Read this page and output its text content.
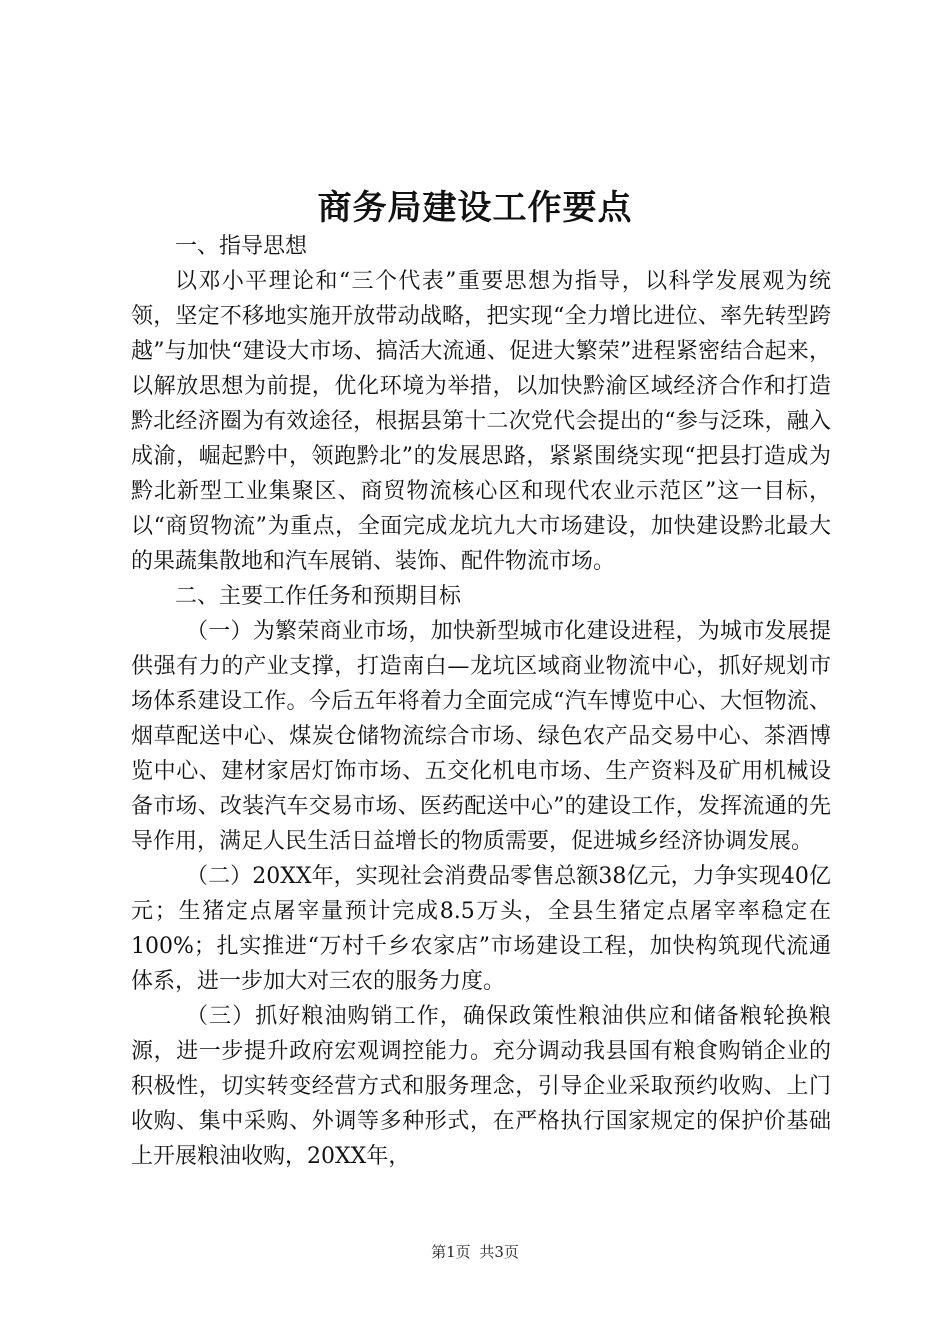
商务局建设工作要点

一、指导思想

以邓小平理论和“三个代表”重要思想为指导，以科学发展观为统领，坚定不移地实施开放带动战略，把实现“全力增比进位、率先转型跨越”与加快“建设大市场、搞活大流通、促进大繁荣”进程紧密结合起来，以解放思想为前提，优化环境为举措，以加快黔渝区域经济合作和打造黔北经济圈为有效途径，根据县第十二次党代会提出的“参与泛珠，融入成渝，崛起黔中，领跑黔北”的发展思路，紧紧围绕实现“把县打造成为黔北新型工业集聚区、商贸物流核心区和现代农业示范区”这一目标，以“商贸物流”为重点，全面完成龙坑九大市场建设，加快建设黔北最大的果蔬集散地和汽车展销、装饰、配件物流市场。

二、主要工作任务和预期目标

（一）为繁荣商业市场，加快新型城市化建设进程，为城市发展提供强有力的产业支撑，打造南白—龙坑区域商业物流中心，抓好规划市场体系建设工作。今后五年将着力全面完成“汽车博览中心、大恒物流、烟草配送中心、煤炭仓储物流综合市场、绿色农产品交易中心、茶酒博览中心、建材家居灯饰市场、五交化机电市场、生产资料及矿用机械设备市场、改装汽车交易市场、医药配送中心”的建设工作，发挥流通的先导作用，满足人民生活日益增长的物质需要，促进城乡经济协调发展。

（二）20XX年，实现社会消费品零售总额38亿元，力争实现40亿元；生猪定点屠宰量预计完成8.5万头，全县生猪定点屠宰率稳定在100%；扎实推进“万村千乡农家店”市场建设工程，加快构筑现代流通体系，进一步加大对三农的服务力度。

（三）抓好粮油购销工作，确保政策性粮油供应和储备粮轮换粮源，进一步提升政府宏观调控能力。充分调动我县国有粮食购销企业的积极性，切实转变经营方式和服务理念，引导企业采取预约收购、上门收购、集中采购、外调等多种形式，在严格执行国家规定的保护价基础上开展粮油收购，20XX年，

第1页 共3页
